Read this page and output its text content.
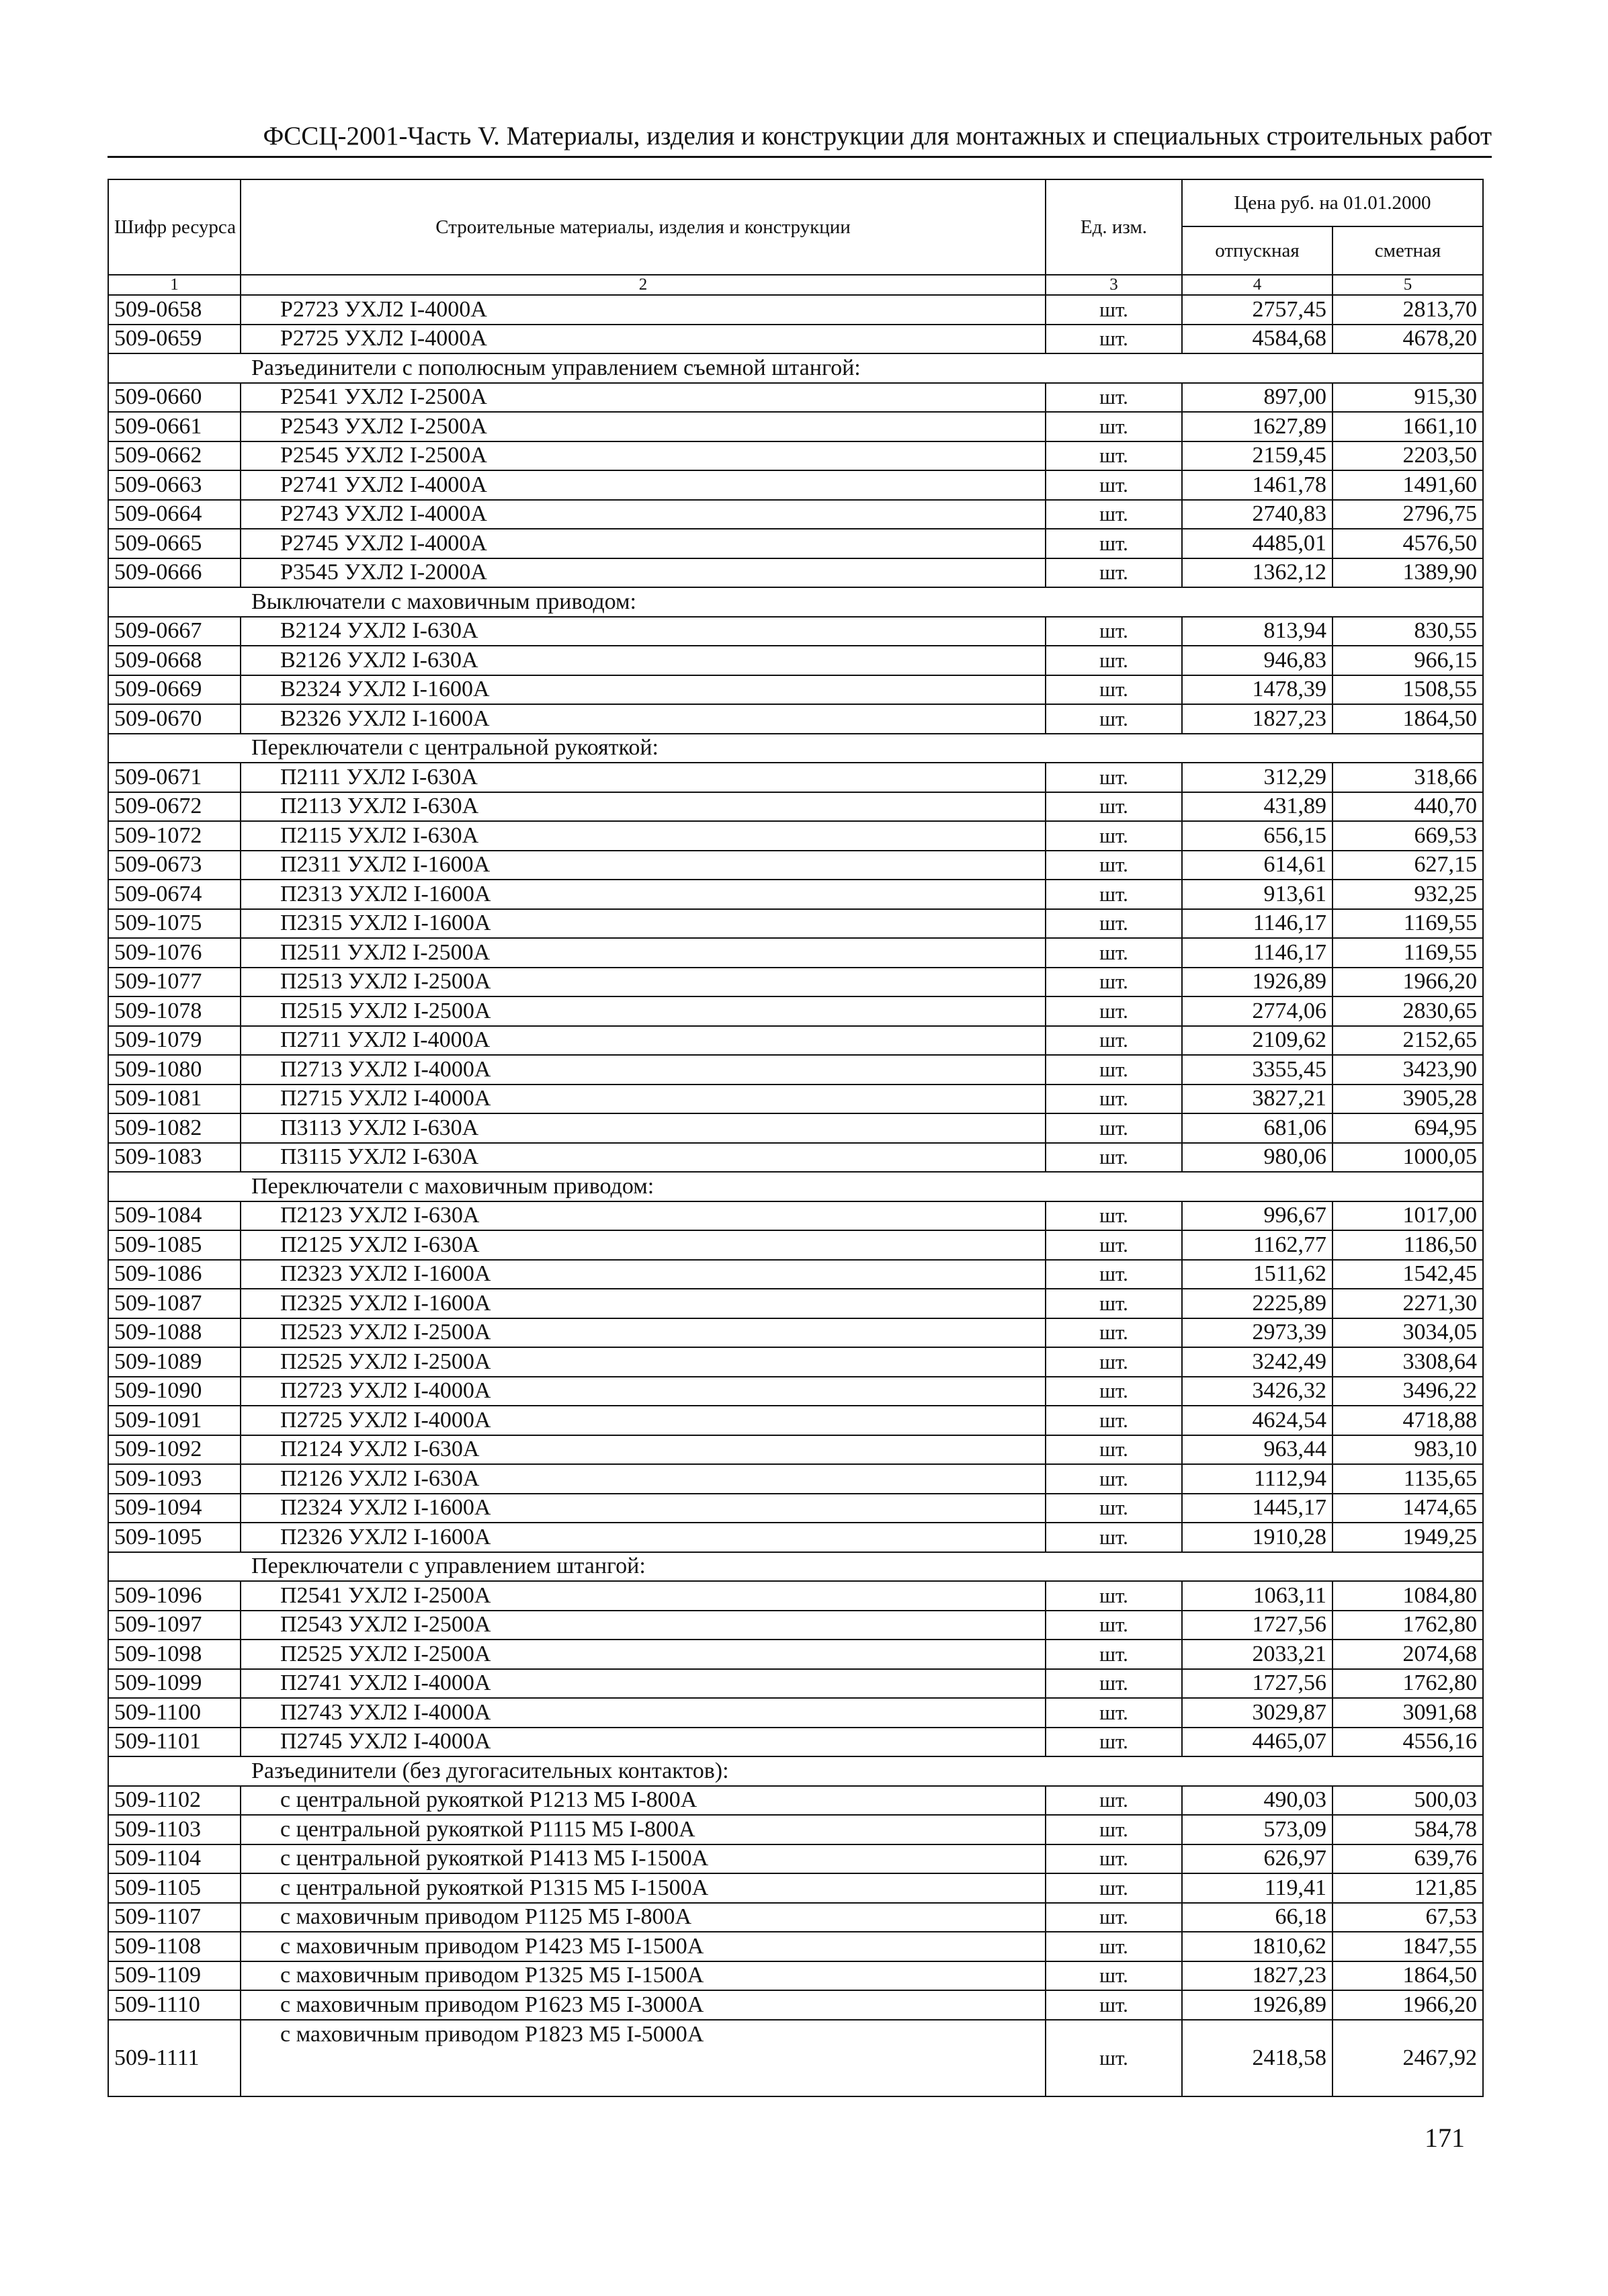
ФССЦ-2001-Часть V. Материалы, изделия и конструкции для монтажных и специальных строительных работ
Шифр ресурса	Строительные материалы, изделия и конструкции	Ед. изм.	Цена руб. на 01.01.2000	
			отпускная	сметная
1	2	3	4	5
509-0658	Р2723 УХЛ2 I-4000А	шт.	2757,45	2813,70
509-0659	Р2725 УХЛ2 I-4000А	шт.	4584,68	4678,20
Разъединители с пополюсным управлением съемной штангой:				
509-0660	Р2541 УХЛ2 I-2500А	шт.	897,00	915,30
509-0661	Р2543 УХЛ2 I-2500А	шт.	1627,89	1661,10
509-0662	Р2545 УХЛ2 I-2500А	шт.	2159,45	2203,50
509-0663	Р2741 УХЛ2 I-4000А	шт.	1461,78	1491,60
509-0664	Р2743 УХЛ2 I-4000А	шт.	2740,83	2796,75
509-0665	Р2745 УХЛ2 I-4000А	шт.	4485,01	4576,50
509-0666	Р3545 УХЛ2 I-2000А	шт.	1362,12	1389,90
Выключатели с маховичным приводом:				
509-0667	В2124 УХЛ2 I-630А	шт.	813,94	830,55
509-0668	В2126 УХЛ2 I-630А	шт.	946,83	966,15
509-0669	В2324 УХЛ2 I-1600А	шт.	1478,39	1508,55
509-0670	В2326 УХЛ2 I-1600А	шт.	1827,23	1864,50
Переключатели с центральной рукояткой:				
509-0671	П2111 УХЛ2 I-630А	шт.	312,29	318,66
509-0672	П2113 УХЛ2 I-630А	шт.	431,89	440,70
509-1072	П2115 УХЛ2 I-630А	шт.	656,15	669,53
509-0673	П2311 УХЛ2 I-1600А	шт.	614,61	627,15
509-0674	П2313 УХЛ2 I-1600А	шт.	913,61	932,25
509-1075	П2315 УХЛ2 I-1600А	шт.	1146,17	1169,55
509-1076	П2511 УХЛ2 I-2500А	шт.	1146,17	1169,55
509-1077	П2513 УХЛ2 I-2500А	шт.	1926,89	1966,20
509-1078	П2515 УХЛ2 I-2500А	шт.	2774,06	2830,65
509-1079	П2711 УХЛ2 I-4000А	шт.	2109,62	2152,65
509-1080	П2713 УХЛ2 I-4000А	шт.	3355,45	3423,90
509-1081	П2715 УХЛ2 I-4000А	шт.	3827,21	3905,28
509-1082	П3113 УХЛ2 I-630А	шт.	681,06	694,95
509-1083	П3115 УХЛ2 I-630А	шт.	980,06	1000,05
Переключатели с маховичным приводом:				
509-1084	П2123 УХЛ2 I-630А	шт.	996,67	1017,00
509-1085	П2125 УХЛ2 I-630А	шт.	1162,77	1186,50
509-1086	П2323 УХЛ2 I-1600А	шт.	1511,62	1542,45
509-1087	П2325 УХЛ2 I-1600А	шт.	2225,89	2271,30
509-1088	П2523 УХЛ2 I-2500А	шт.	2973,39	3034,05
509-1089	П2525 УХЛ2 I-2500А	шт.	3242,49	3308,64
509-1090	П2723 УХЛ2 I-4000А	шт.	3426,32	3496,22
509-1091	П2725 УХЛ2 I-4000А	шт.	4624,54	4718,88
509-1092	П2124 УХЛ2 I-630А	шт.	963,44	983,10
509-1093	П2126 УХЛ2 I-630А	шт.	1112,94	1135,65
509-1094	П2324 УХЛ2 I-1600А	шт.	1445,17	1474,65
509-1095	П2326 УХЛ2 I-1600А	шт.	1910,28	1949,25
Переключатели с управлением штангой:				
509-1096	П2541 УХЛ2 I-2500А	шт.	1063,11	1084,80
509-1097	П2543 УХЛ2 I-2500А	шт.	1727,56	1762,80
509-1098	П2525 УХЛ2 I-2500А	шт.	2033,21	2074,68
509-1099	П2741 УХЛ2 I-4000А	шт.	1727,56	1762,80
509-1100	П2743 УХЛ2 I-4000А	шт.	3029,87	3091,68
509-1101	П2745 УХЛ2 I-4000А	шт.	4465,07	4556,16
Разъединители (без дугогасительных контактов):				
509-1102	с центральной рукояткой Р1213 М5 I-800А	шт.	490,03	500,03
509-1103	с центральной рукояткой Р1115 М5 I-800А	шт.	573,09	584,78
509-1104	с центральной рукояткой Р1413 М5 I-1500А	шт.	626,97	639,76
509-1105	с центральной рукояткой Р1315 М5 I-1500А	шт.	119,41	121,85
509-1107	с маховичным приводом Р1125 М5 I-800А	шт.	66,18	67,53
509-1108	с маховичным приводом Р1423 М5 I-1500А	шт.	1810,62	1847,55
509-1109	с маховичным приводом Р1325 М5 I-1500А	шт.	1827,23	1864,50
509-1110	с маховичным приводом Р1623 М5 I-3000А	шт.	1926,89	1966,20
509-1111	с маховичным приводом Р1823 М5 I-5000А	шт.	2418,58	2467,92
171
